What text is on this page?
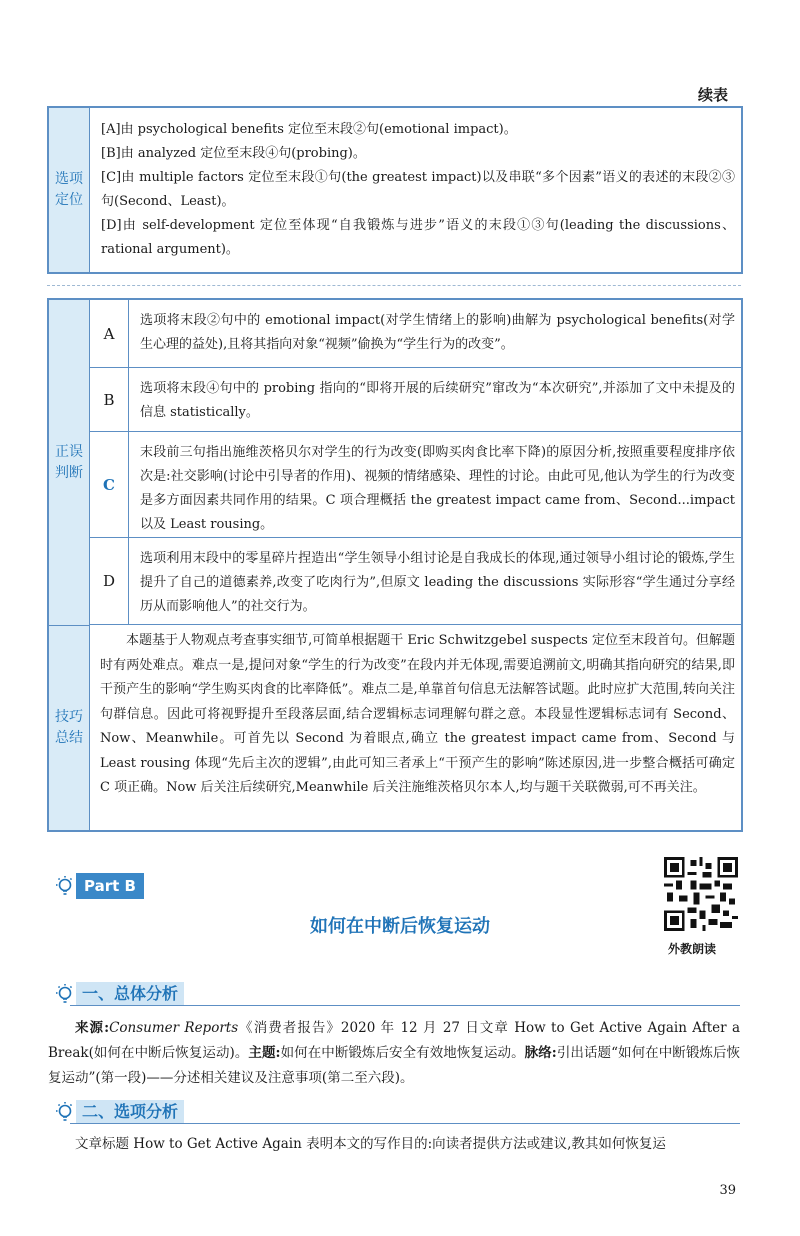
续表
选项定位
[A]由 psychological benefits 定位至末段②句(emotional impact)。
[B]由 analyzed 定位至末段④句(probing)。
[C]由 multiple factors 定位至末段①句(the greatest impact)以及串联“多个因素”语义的表述的末段②③句(Second、Least)。
[D]由 self-development 定位至体现“自我锻炼与进步”语义的末段①③句(leading the discussions、rational argument)。
正误判断
技巧总结
A
选项将末段②句中的 emotional impact(对学生情绪上的影响)曲解为 psychological benefits(对学生心理的益处),且将其指向对象“视频”偷换为“学生行为的改变”。
B
选项将末段④句中的 probing 指向的“即将开展的后续研究”窜改为“本次研究”,并添加了文中未提及的信息 statistically。
C
末段前三句指出施维茨格贝尔对学生的行为改变(即购买肉食比率下降)的原因分析,按照重要程度排序依次是:社交影响(讨论中引导者的作用)、视频的情绪感染、理性的讨论。由此可见,他认为学生的行为改变是多方面因素共同作用的结果。C 项合理概括 the greatest impact came from、Second...impact 以及 Least rousing。
D
选项利用末段中的零星碎片捏造出“学生领导小组讨论是自我成长的体现,通过领导小组讨论的锻炼,学生提升了自己的道德素养,改变了吃肉行为”,但原文 leading the discussions 实际形容“学生通过分享经历从而影响他人”的社交行为。
本题基于人物观点考查事实细节,可简单根据题干 Eric Schwitzgebel suspects 定位至末段首句。但解题时有两处难点。难点一是,提问对象“学生的行为改变”在段内并无体现,需要追溯前文,明确其指向研究的结果,即干预产生的影响“学生购买肉食的比率降低”。难点二是,单靠首句信息无法解答试题。此时应扩大范围,转向关注句群信息。因此可将视野提升至段落层面,结合逻辑标志词理解句群之意。本段显性逻辑标志词有 Second、Now、Meanwhile。可首先以 Second 为着眼点,确立 the greatest impact came from、Second 与 Least rousing 体现“先后主次的逻辑”,由此可知三者承上“干预产生的影响”陈述原因,进一步整合概括可确定 C 项正确。Now 后关注后续研究,Meanwhile 后关注施维茨格贝尔本人,均与题干关联微弱,可不再关注。
Part B
如何在中断后恢复运动
外教朗读
一、总体分析
来源:Consumer Reports《消费者报告》2020 年 12 月 27 日文章 How to Get Active Again After a Break(如何在中断后恢复运动)。主题:如何在中断锻炼后安全有效地恢复运动。脉络:引出话题“如何在中断锻炼后恢复运动”(第一段)——分述相关建议及注意事项(第二至六段)。
二、选项分析
文章标题 How to Get Active Again 表明本文的写作目的:向读者提供方法或建议,教其如何恢复运
39
